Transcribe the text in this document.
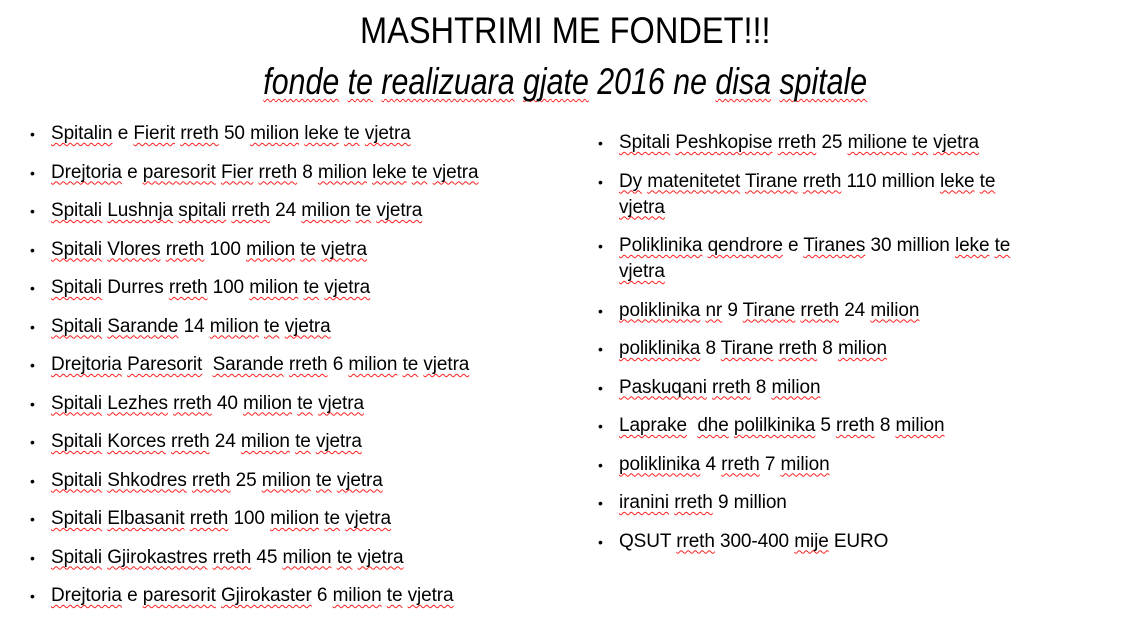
MASHTRIMI ME FONDET!!!
fonde te realizuara gjate 2016 ne disa spitale
• Spitalin e Fierit rreth 50 milion leke te vjetra
• Drejtoria e paresorit Fier rreth 8 milion leke te vjetra
• Spitali Lushnja spitali rreth 24 milion te vjetra
• Spitali Vlores rreth 100 milion te vjetra
• Spitali Durres rreth 100 milion te vjetra
• Spitali Sarande 14 milion te vjetra
• Drejtoria Paresorit Sarande rreth 6 milion te vjetra
• Spitali Lezhes rreth 40 milion te vjetra
• Spitali Korces rreth 24 milion te vjetra
• Spitali Shkodres rreth 25 milion te vjetra
• Spitali Elbasanit rreth 100 milion te vjetra
• Spitali Gjirokastres rreth 45 milion te vjetra
• Drejtoria e paresorit Gjirokaster 6 milion te vjetra
• Spitali Peshkopise rreth 25 milione te vjetra
• Dy matenitetet Tirane rreth 110 million leke te
vjetra
• Poliklinika qendrore e Tiranes 30 million leke te
vjetra
• poliklinika nr 9 Tirane rreth 24 milion
• poliklinika 8 Tirane rreth 8 milion
• Paskuqani rreth 8 milion
• Laprake dhe polilkinika 5 rreth 8 milion
• poliklinika 4 rreth 7 milion
• iranini rreth 9 million
• QSUT rreth 300-400 mije EURO
